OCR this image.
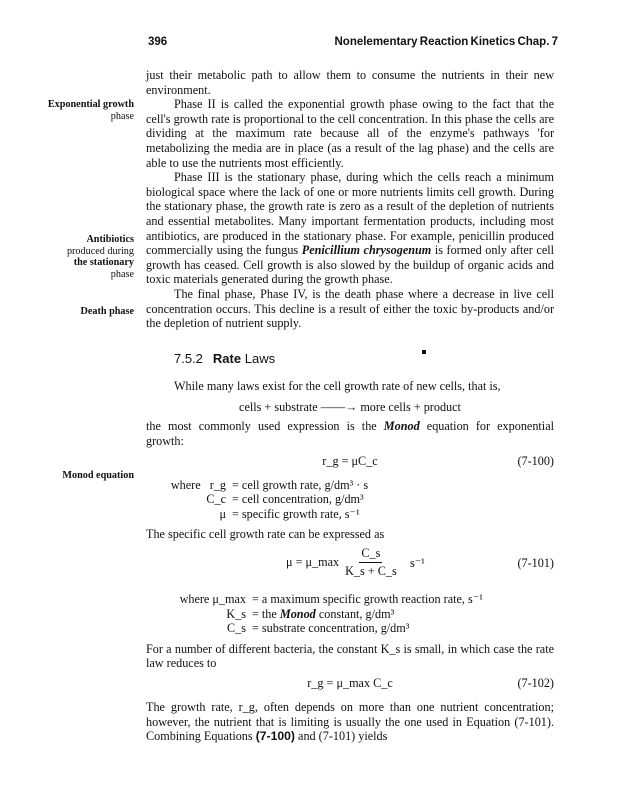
396	Nonelementary Reaction Kinetics Chap. 7
Exponential growth

phase
Antibiotics
produced during
the stationary
phase
Death phase
Monod equation

just their metabolic path to allow them to consume the nutrients in their new environment.

Phase II is called the exponential growth phase owing to the fact that the cell's growth rate is proportional to the cell concentration. In this phase the cells are dividing at the maximum rate because all of the enzyme's pathways 'for metabolizing the media are in place (as a result of the lag phase) and the cells are able to use the nutrients most efficiently.

Phase III is the stationary phase, during which the cells reach a minimum biological space where the lack of one or more nutrients limits cell growth. During the stationary phase, the growth rate is zero as a result of the depletion of nutrients and essential metabolites. Many important fermentation products, including most antibiotics, are produced in the stationary phase. For example, penicillin produced commercially using the fungus Penicillium chrysogenum is formed only after cell growth has ceased. Cell growth is also slowed by the buildup of organic acids and toxic materials generated during the growth phase.

The final phase, Phase IV, is the death phase where a decrease in live cell concentration occurs. This decline is a result of either the toxic by-products and/or the depletion of nutrient supply.

7.5.2 Rate Laws

While many laws exist for the cell growth rate of new cells, that is,

cells + substrate ——→ more cells + product

the most commonly used expression is the Monod equation for exponential growth:

r_g = μC_c	(7-100)
where r_g = cell growth rate, g/dm³ · s
C_c = cell concentration, g/dm³
μ = specific growth rate, s⁻¹

The specific cell growth rate can be expressed as

μ = μ_max $\frac{C\_s}{K\_s + C\_s} s^{-1}$	(7-101)
where μ_max = a maximum specific growth reaction rate, s⁻¹
K_s = the Monod constant, g/dm³
C_s = substrate concentration, g/dm³

For a number of different bacteria, the constant K_s is small, in which case the rate law reduces to

r_g = μ_max C_c	(7-102)

The growth rate, r_g, often depends on more than one nutrient concentration; however, the nutrient that is limiting is usually the one used in Equation (7-101). Combining Equations (7-100) and (7-101) yields
